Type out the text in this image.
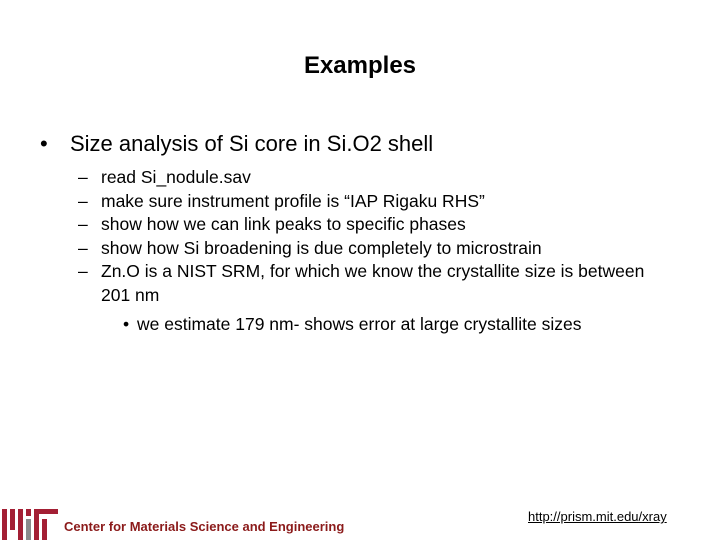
Examples
• Size analysis of Si core in Si.O2 shell
– read Si_nodule.sav
– make sure instrument profile is “IAP Rigaku RHS”
– show how we can link peaks to specific phases
– show how Si broadening is due completely to microstrain
– Zn.O is a NIST SRM, for which we know the crystallite size is between 201 nm
• we estimate 179 nm- shows error at large crystallite sizes
Center for Materials Science and Engineering
http://prism.mit.edu/xray
